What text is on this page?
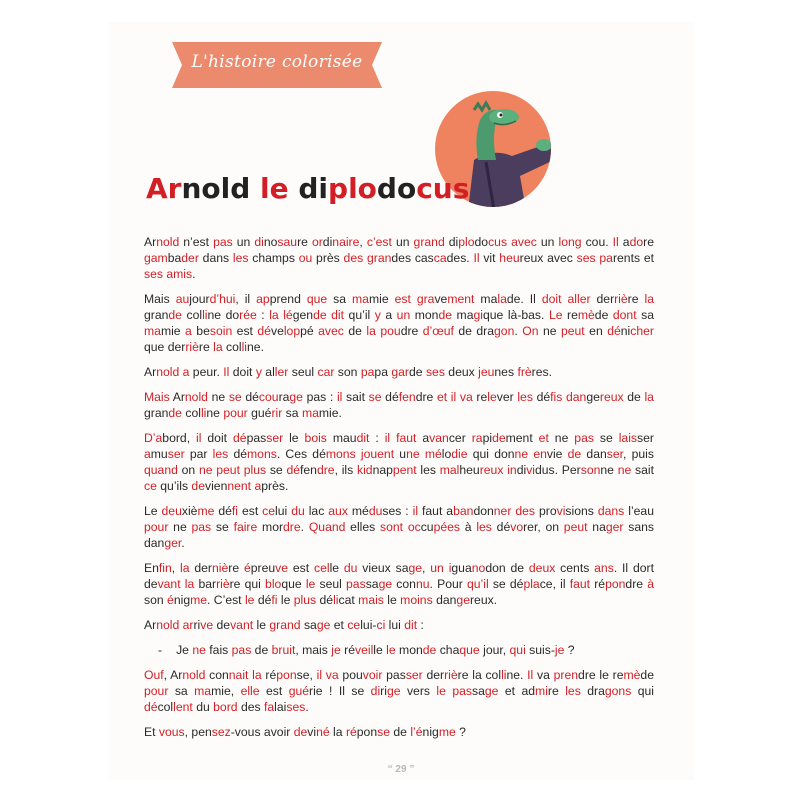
L'histoire colorisée
Arnold le diplodocus

Arnold n’est pas un dinosaure ordinaire, c’est un grand diplodocus avec un long cou. Il adore gambader dans les champs ou près des grandes cascades. Il vit heureux avec ses parents et ses amis.

Mais aujourd’hui, il apprend que sa mamie est gravement malade. Il doit aller derrière la grande colline dorée : la légende dit qu’il y a un monde magique là-bas. Le remède dont sa mamie a besoin est développé avec de la poudre d’œuf de dragon. On ne peut en dénicher que derrière la colline.

Arnold a peur. Il doit y aller seul car son papa garde ses deux jeunes frères.

Mais Arnold ne se décourage pas : il sait se défendre et il va relever les défis dangereux de la grande colline pour guérir sa mamie.

D’abord, il doit dépasser le bois maudit : il faut avancer rapidement et ne pas se laisser amuser par les démons. Ces démons jouent une mélodie qui donne envie de danser, puis quand on ne peut plus se défendre, ils kidnappent les malheureux individus. Personne ne sait ce qu’ils deviennent après.

Le deuxième défi est celui du lac aux méduses : il faut abandonner des provisions dans l’eau pour ne pas se faire mordre. Quand elles sont occupées à les dévorer, on peut nager sans danger.

Enfin, la dernière épreuve est celle du vieux sage, un iguanodon de deux cents ans. Il dort devant la barrière qui bloque le seul passage connu. Pour qu’il se déplace, il faut répondre à son énigme. C’est le défi le plus délicat mais le moins dangereux.

Arnold arrive devant le grand sage et celui-ci lui dit :

- Je ne fais pas de bruit, mais je réveille le monde chaque jour, qui suis-je ?

Ouf, Arnold connait la réponse, il va pouvoir passer derrière la colline. Il va prendre le remède pour sa mamie, elle est guérie ! Il se dirige vers le passage et admire les dragons qui décollent du bord des falaises.

Et vous, pensez-vous avoir deviné la réponse de l’énigme ?

“ 29 ”
